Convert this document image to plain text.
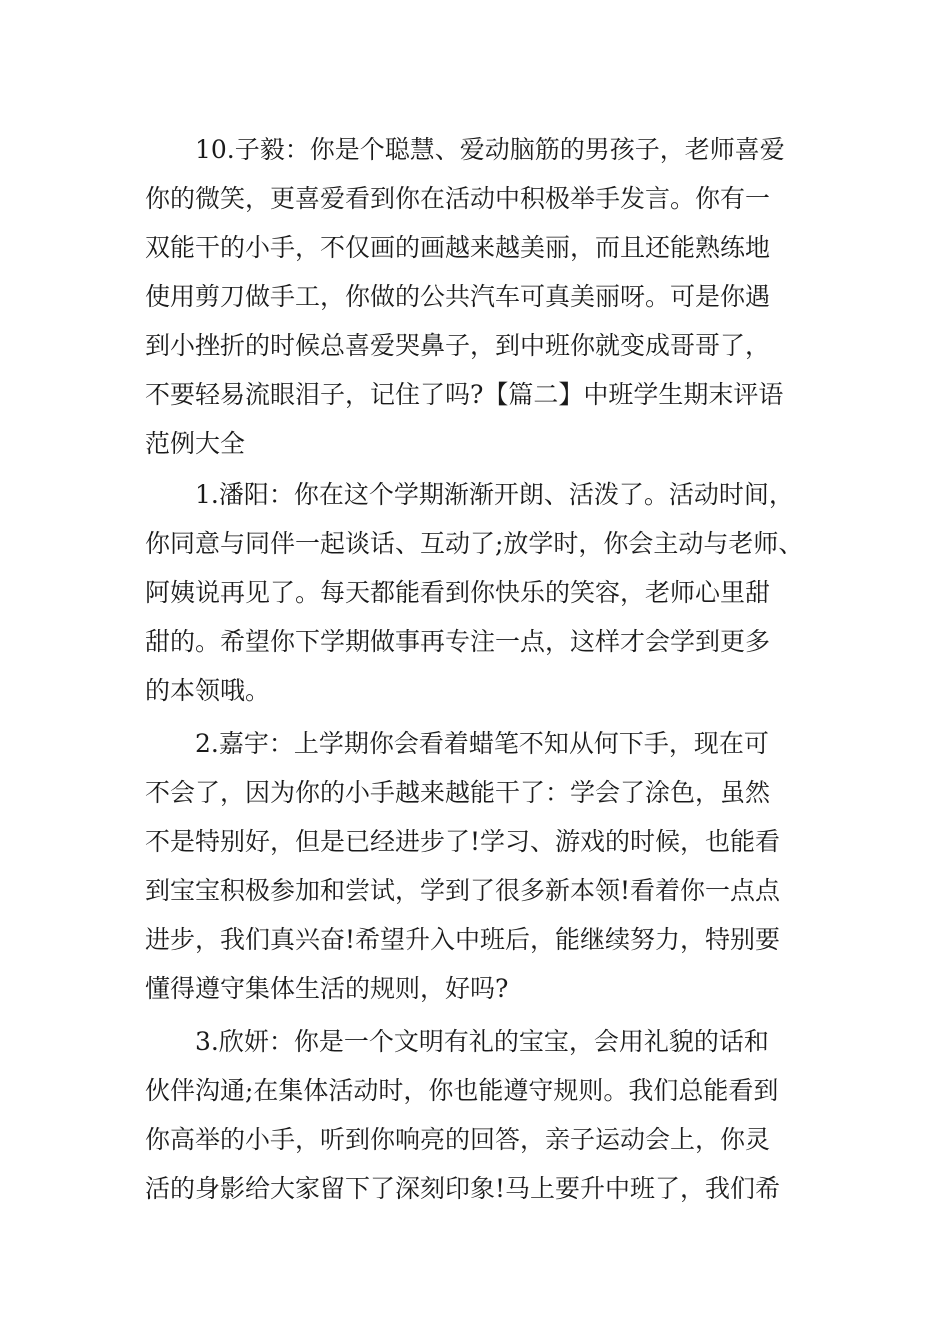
10.子毅：你是个聪慧、爱动脑筋的男孩子，老师喜爱
你的微笑，更喜爱看到你在活动中积极举手发言。你有一
双能干的小手，不仅画的画越来越美丽，而且还能熟练地
使用剪刀做手工，你做的公共汽车可真美丽呀。可是你遇
到小挫折的时候总喜爱哭鼻子，到中班你就变成哥哥了，
不要轻易流眼泪子，记住了吗?【篇二】中班学生期末评语
范例大全
1.潘阳：你在这个学期渐渐开朗、活泼了。活动时间，
你同意与同伴一起谈话、互动了;放学时，你会主动与老师、
阿姨说再见了。每天都能看到你快乐的笑容，老师心里甜
甜的。希望你下学期做事再专注一点，这样才会学到更多
的本领哦。
2.嘉宇：上学期你会看着蜡笔不知从何下手，现在可
不会了，因为你的小手越来越能干了：学会了涂色，虽然
不是特别好，但是已经进步了!学习、游戏的时候，也能看
到宝宝积极参加和尝试，学到了很多新本领!看着你一点点
进步，我们真兴奋!希望升入中班后，能继续努力，特别要
懂得遵守集体生活的规则，好吗?
3.欣妍：你是一个文明有礼的宝宝，会用礼貌的话和
伙伴沟通;在集体活动时，你也能遵守规则。我们总能看到
你高举的小手，听到你响亮的回答，亲子运动会上，你灵
活的身影给大家留下了深刻印象!马上要升中班了，我们希
